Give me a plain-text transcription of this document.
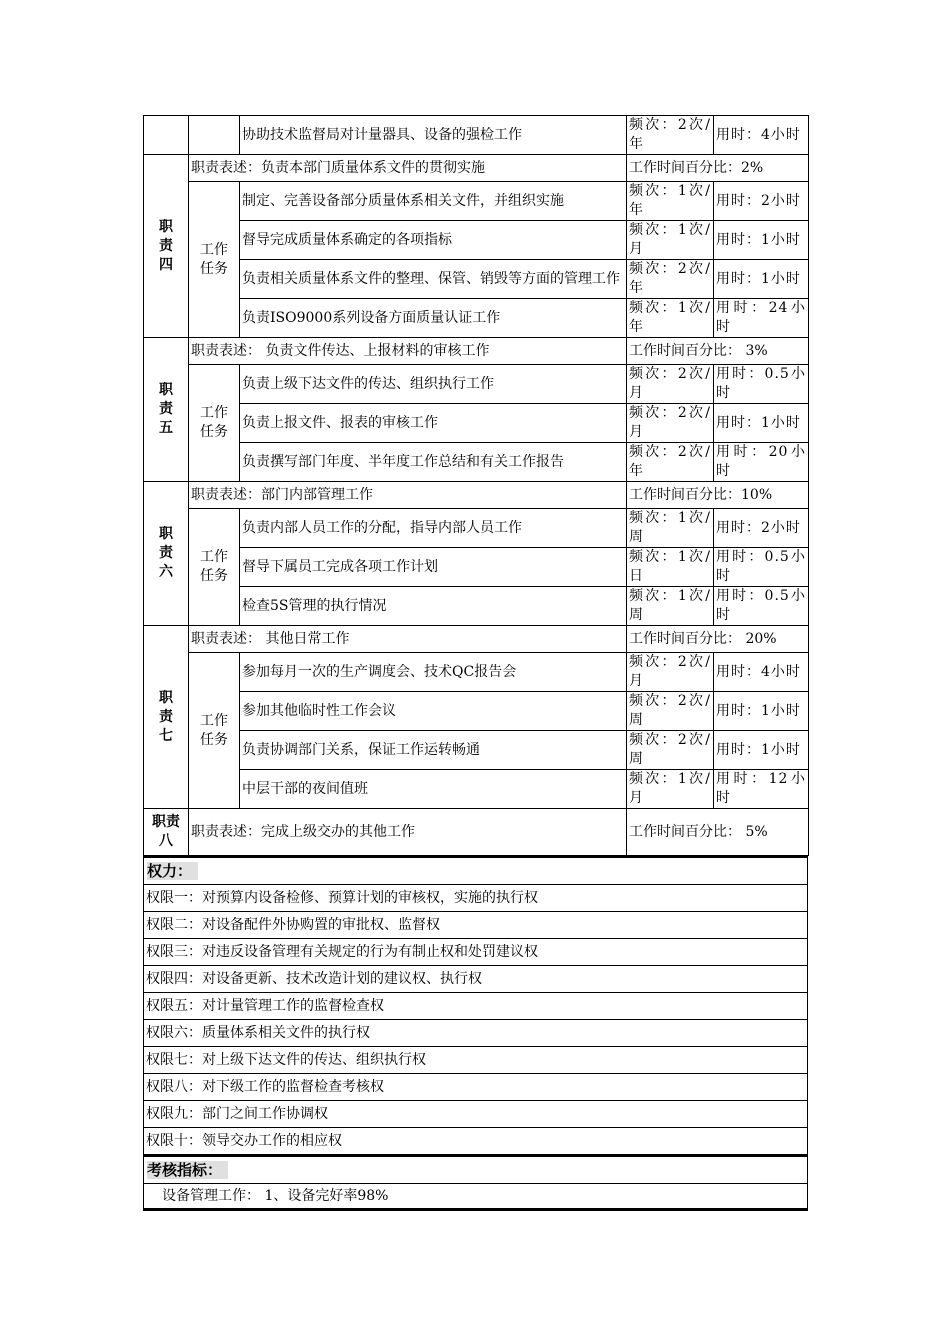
		协助技术监督局对计量器具、设备的强检工作	频次：2次/年	用时：4小时

职责四	职责表述：负责本部门质量体系文件的贯彻实施		工作时间百分比：2%	

	工作任务	制定、完善设备部分质量体系相关文件，并组织实施	频次：1次/年	用时：2小时
		督导完成质量体系确定的各项指标	频次：1次/月	用时：1小时
		负责相关质量体系文件的整理、保管、销毁等方面的管理工作	频次：2次/年	用时：1小时
		负责ISO9000系列设备方面质量认证工作	频次：1次/年	用时：24小时

职责五	职责表述： 负责文件传达、上报材料的审核工作		工作时间百分比： 3%	

	工作任务	负责上级下达文件的传达、组织执行工作	频次：2次/月	用时：0.5小时
		负责上报文件、报表的审核工作	频次：2次/月	用时：1小时
		负责撰写部门年度、半年度工作总结和有关工作报告	频次：2次/年	用时：20小时

职责六	职责表述：部门内部管理工作		工作时间百分比：10%	

	工作任务	负责内部人员工作的分配，指导内部人员工作	频次：1次/周	用时：2小时
		督导下属员工完成各项工作计划	频次：1次/日	用时：0.5小时
		检查5S管理的执行情况	频次：1次/周	用时：0.5小时

职责七	职责表述： 其他日常工作		工作时间百分比： 20%	

	工作任务	参加每月一次的生产调度会、技术QC报告会	频次：2次/月	用时：4小时
		参加其他临时性工作会议	频次：2次/周	用时：1小时
		负责协调部门关系，保证工作运转畅通	频次：2次/周	用时：1小时
		中层干部的夜间值班	频次：1次/月	用时：12小时
职责八	职责表述：完成上级交办的其他工作		工作时间百分比： 5%	
权力：
权限一：对预算内设备检修、预算计划的审核权，实施的执行权
权限二：对设备配件外协购置的审批权、监督权
权限三：对违反设备管理有关规定的行为有制止权和处罚建议权
权限四：对设备更新、技术改造计划的建议权、执行权
权限五：对计量管理工作的监督检查权
权限六：质量体系相关文件的执行权
权限七：对上级下达文件的传达、组织执行权
权限八：对下级工作的监督检查考核权
权限九：部门之间工作协调权
权限十：领导交办工作的相应权
考核指标：
设备管理工作： 1、设备完好率98%
